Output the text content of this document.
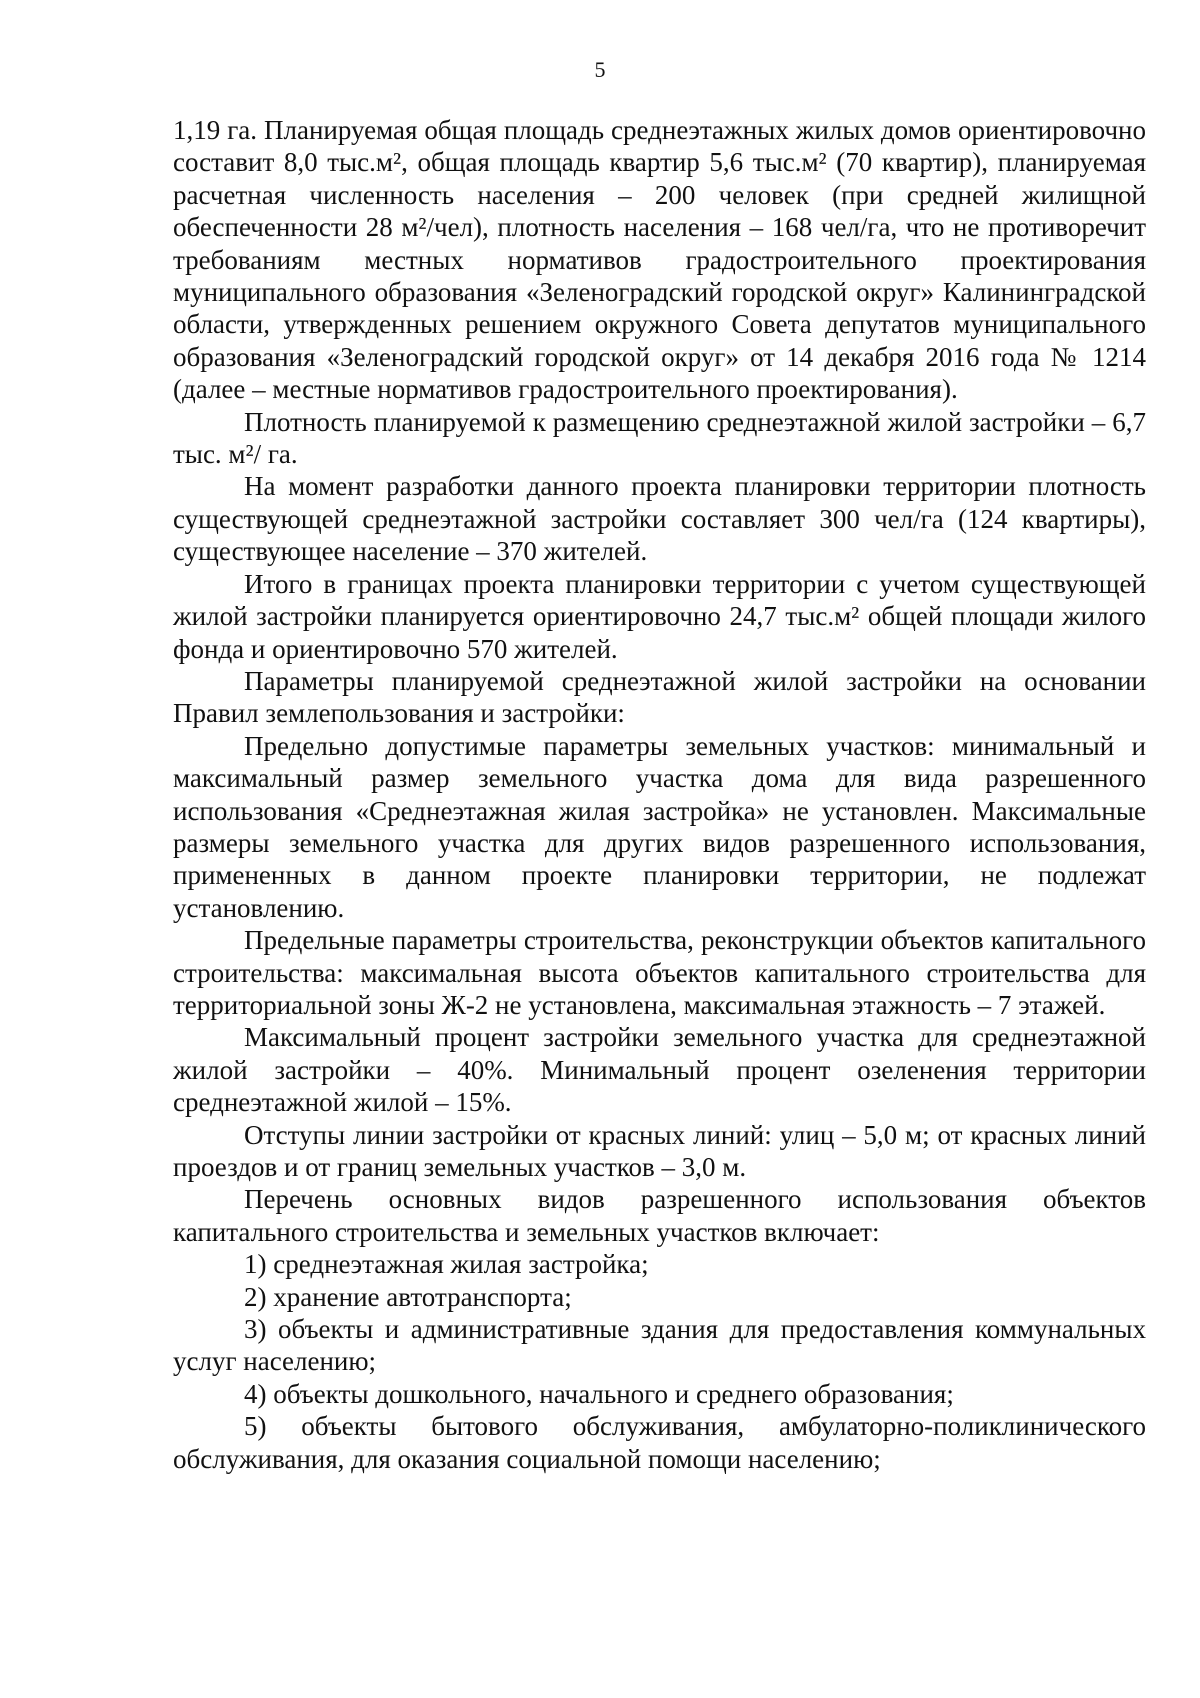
5

1,19 га. Планируемая общая площадь среднеэтажных жилых домов ориентировочно составит 8,0 тыс.м², общая площадь квартир 5,6 тыс.м² (70 квартир), планируемая расчетная численность населения – 200 человек (при средней жилищной обеспеченности 28 м²/чел), плотность населения – 168 чел/га, что не противоречит требованиям местных нормативов градостроительного проектирования муниципального образования «Зеленоградский городской округ» Калининградской области, утвержденных решением окружного Совета депутатов муниципального образования «Зеленоградский городской округ» от 14 декабря 2016 года № 1214 (далее – местные нормативов градостроительного проектирования).

Плотность планируемой к размещению среднеэтажной жилой застройки – 6,7 тыс. м²/ га.

На момент разработки данного проекта планировки территории плотность существующей среднеэтажной застройки составляет 300 чел/га (124 квартиры), существующее население – 370 жителей.

Итого в границах проекта планировки территории с учетом существующей жилой застройки планируется ориентировочно 24,7 тыс.м² общей площади жилого фонда и ориентировочно 570 жителей.

Параметры планируемой среднеэтажной жилой застройки на основании Правил землепользования и застройки:

Предельно допустимые параметры земельных участков: минимальный и максимальный размер земельного участка дома для вида разрешенного использования «Среднеэтажная жилая застройка» не установлен. Максимальные размеры земельного участка для других видов разрешенного использования, примененных в данном проекте планировки территории, не подлежат установлению.

Предельные параметры строительства, реконструкции объектов капитального строительства: максимальная высота объектов капитального строительства для территориальной зоны Ж-2 не установлена, максимальная этажность – 7 этажей.

Максимальный процент застройки земельного участка для среднеэтажной жилой застройки – 40%. Минимальный процент озеленения территории среднеэтажной жилой – 15%.

Отступы линии застройки от красных линий: улиц – 5,0 м; от красных линий проездов и от границ земельных участков – 3,0 м.

Перечень основных видов разрешенного использования объектов капитального строительства и земельных участков включает:

1) среднеэтажная жилая застройка;

2) хранение автотранспорта;

3) объекты и административные здания для предоставления коммунальных услуг населению;

4) объекты дошкольного, начального и среднего образования;

5) объекты бытового обслуживания, амбулаторно-поликлинического обслуживания, для оказания социальной помощи населению;
